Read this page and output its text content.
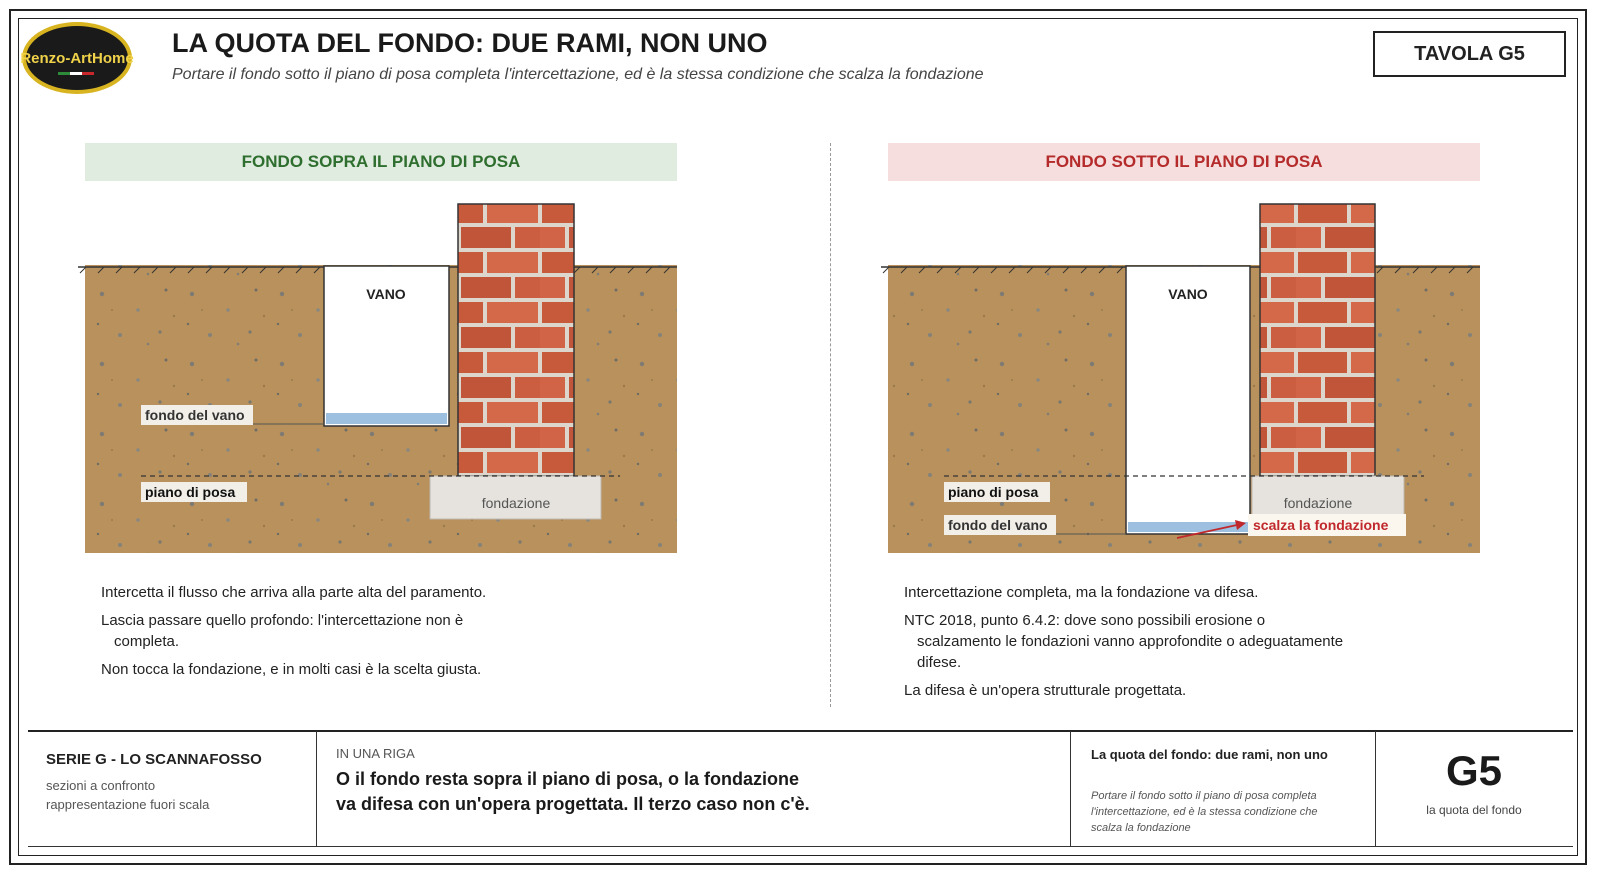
Renzo-ArtHome
LA QUOTA DEL FONDO: DUE RAMI, NON UNO
Portare il fondo sotto il piano di posa completa l'intercettazione, ed è la stessa condizione che scalza la fondazione
TAVOLA G5
FONDO SOPRA IL PIANO DI POSA	FONDO SOTTO IL PIANO DI POSA
VANO
fondazione
fondo del vano
piano di posa
VANO
fondazione
piano di posa
fondo del vano	scalza la fondazione

Intercetta il flusso che arriva alla parte alta del paramento.

Lascia passare quello profondo: l'intercettazione non è

completa.

Non tocca la fondazione, e in molti casi è la scelta giusta.

Intercettazione completa, ma la fondazione va difesa.

NTC 2018, punto 6.4.2: dove sono possibili erosione o

scalzamento le fondazioni vanno approfondite o adeguatamente

difese.

La difesa è un'opera strutturale progettata.

SERIE G - LO SCANNAFOSSO
sezioni a confronto
rappresentazione fuori scala
IN UNA RIGA
O il fondo resta sopra il piano di posa, o la fondazione
va difesa con un'opera progettata. Il terzo caso non c'è.
La quota del fondo: due rami, non uno
Portare il fondo sotto il piano di posa completa l'intercettazione, ed è la stessa condizione che scalza la fondazione
G5
la quota del fondo
